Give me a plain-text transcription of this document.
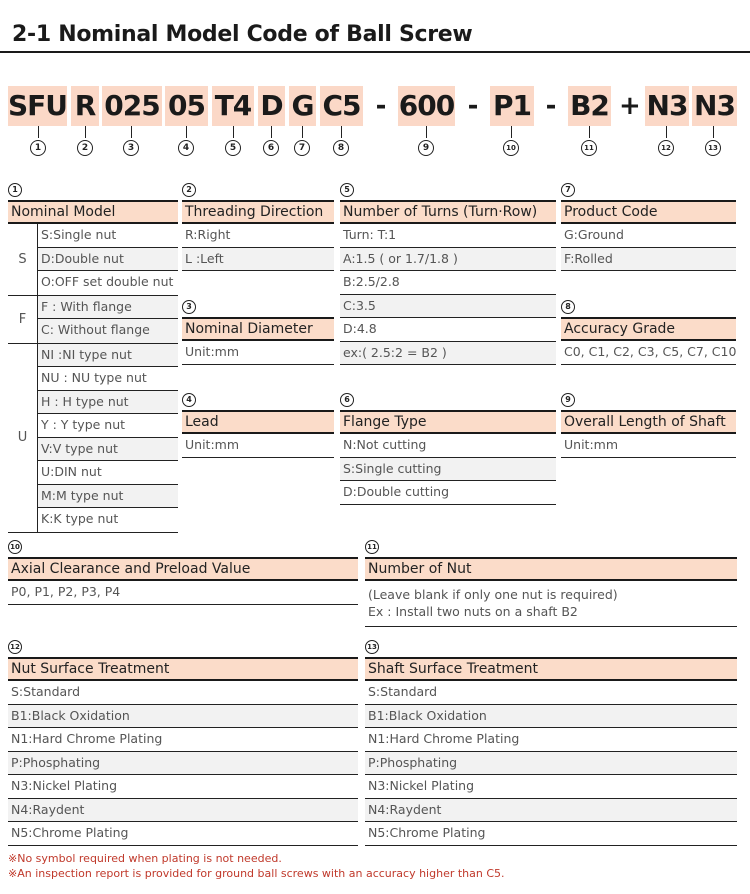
2-1 Nominal Model Code of Ball Screw
SFU R 025 05 T4 D G C5 - 600 - P1 - B2 + N3 N3
1	2	3	4	5	6	7	8	9	10	11	12	13
1
Nominal Model
S
S:Single nut
D:Double nut
O:OFF set double nut
F
F : With flange
C: Without flange
U
NI :NI type nut
NU : NU type nut
H : H type nut
Y : Y type nut
V:V type nut
U:DIN nut
M:M type nut
K:K type nut
2
Threading Direction
R:Right
L :Left
3
Nominal Diameter
Unit:mm
4
Lead
Unit:mm
5
Number of Turns (Turn·Row)
Turn: T:1
A:1.5 ( or 1.7/1.8 )
B:2.5/2.8
C:3.5
D:4.8
ex:( 2.5:2 = B2 )
6
Flange Type
N:Not cutting
S:Single cutting
D:Double cutting
7
Product Code
G:Ground
F:Rolled
8
Accuracy Grade
C0, C1, C2, C3, C5, C7, C10
9
Overall Length of Shaft
Unit:mm
10
Axial Clearance and Preload Value
P0, P1, P2, P3, P4
11
Number of Nut
(Leave blank if only one nut is required)
Ex : Install two nuts on a shaft B2
12
Nut Surface Treatment
S:Standard
B1:Black Oxidation
N1:Hard Chrome Plating
P:Phosphating
N3:Nickel Plating
N4:Raydent
N5:Chrome Plating
13
Shaft Surface Treatment
S:Standard
B1:Black Oxidation
N1:Hard Chrome Plating
P:Phosphating
N3:Nickel Plating
N4:Raydent
N5:Chrome Plating
※No symbol required when plating is not needed.
※An inspection report is provided for ground ball screws with an accuracy higher than C5.
